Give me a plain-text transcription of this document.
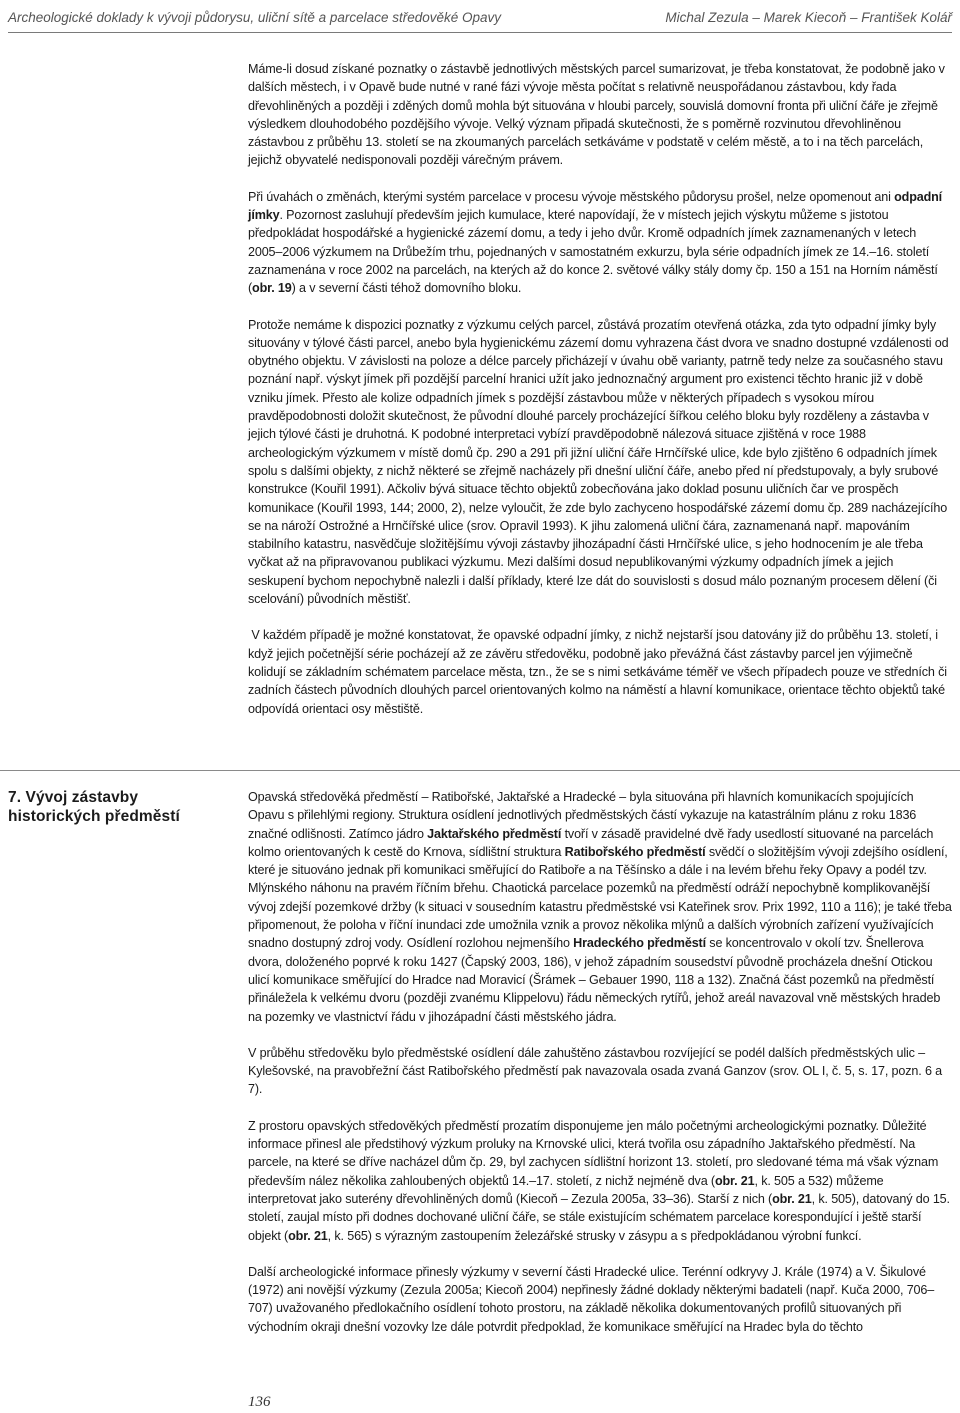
Archeologické doklady k vývoji půdorysu, uliční sítě a parcelace středověké Opavy	Michal Zezula – Marek Kiecoň – František Kolář

Máme-li dosud získané poznatky o zástavbě jednotlivých městských parcel sumarizovat, je třeba konstatovat, že podobně jako v dalších městech, i v Opavě bude nutné v rané fázi vývoje města počítat s relativně neuspořádanou zástavbou, kdy řada dřevohliněných a později i zděných domů mohla být situována v hloubi parcely, souvislá domovní fronta při uliční čáře je zřejmě výsledkem dlouhodobého pozdějšího vývoje. Velký význam připadá skutečnosti, že s poměrně rozvinutou dřevohliněnou zástavbou z průběhu 13. století se na zkoumaných parcelách setkáváme v podstatě v celém městě, a to i na těch parcelách, jejichž obyvatelé nedisponovali později várečným právem.

Při úvahách o změnách, kterými systém parcelace v procesu vývoje městského půdorysu prošel, nelze opomenout ani odpadní jímky. Pozornost zasluhují především jejich kumulace, které napovídají, že v místech jejich výskytu můžeme s jistotou předpokládat hospodářské a hygienické zázemí domu, a tedy i jeho dvůr. Kromě odpadních jímek zaznamenaných v letech 2005–2006 výzkumem na Drůbežím trhu, pojednaných v samostatném exkurzu, byla série odpadních jímek ze 14.–16. století zaznamenána v roce 2002 na parcelách, na kterých až do konce 2. světové války stály domy čp. 150 a 151 na Horním náměstí (obr. 19) a v severní části téhož domovního bloku.

Protože nemáme k dispozici poznatky z výzkumu celých parcel, zůstává prozatím otevřená otázka, zda tyto odpadní jímky byly situovány v týlové části parcel, anebo byla hygienickému zázemí domu vyhrazena část dvora ve snadno dostupné vzdálenosti od obytného objektu. V závislosti na poloze a délce parcely přicházejí v úvahu obě varianty, patrně tedy nelze za současného stavu poznání např. výskyt jímek při pozdější parcelní hranici užít jako jednoznačný argument pro existenci těchto hranic již v době vzniku jímek. Přesto ale kolize odpadních jímek s pozdější zástavbou může v některých případech s vysokou mírou pravděpodobnosti doložit skutečnost, že původní dlouhé parcely procházející šířkou celého bloku byly rozděleny a zástavba v jejich týlové části je druhotná. K podobné interpretaci vybízí pravděpodobně nálezová situace zjištěná v roce 1988 archeologickým výzkumem v místě domů čp. 290 a 291 při jižní uliční čáře Hrnčířské ulice, kde bylo zjištěno 6 odpadních jímek spolu s dalšími objekty, z nichž některé se zřejmě nacházely při dnešní uliční čáře, anebo před ní předstupovaly, a byly srubové konstrukce (Kouřil 1991). Ačkoliv bývá situace těchto objektů zobecňována jako doklad posunu uličních čar ve prospěch komunikace (Kouřil 1993, 144; 2000, 2), nelze vyloučit, že zde bylo zachyceno hospodářské zázemí domu čp. 289 nacházejícího se na nároží Ostrožné a Hrnčířské ulice (srov. Opravil 1993). K jihu zalomená uliční čára, zaznamenaná např. mapováním stabilního katastru, nasvědčuje složitějšímu vývoji zástavby jihozápadní části Hrnčířské ulice, s jeho hodnocením je ale třeba vyčkat až na připravovanou publikaci výzkumu. Mezi dalšími dosud nepublikovanými výzkumy odpadních jímek a jejich seskupení bychom nepochybně nalezli i další příklady, které lze dát do souvislosti s dosud málo poznaným procesem dělení (či scelování) původních městišť.

V každém případě je možné konstatovat, že opavské odpadní jímky, z nichž nejstarší jsou datovány již do průběhu 13. století, i když jejich početnější série pocházejí až ze závěru středověku, podobně jako převážná část zástavby parcel jen výjimečně kolidují se základním schématem parcelace města, tzn., že se s nimi setkáváme téměř ve všech případech pouze ve středních či zadních částech původních dlouhých parcel orientovaných kolmo na náměstí a hlavní komunikace, orientace těchto objektů také odpovídá orientaci osy městiště.

7. Vývoj zástavby historických předměstí

Opavská středověká předměstí – Ratibořské, Jaktařské a Hradecké – byla situována při hlavních komunikacích spojujících Opavu s přilehlými regiony. Struktura osídlení jednotlivých předměstských částí vykazuje na katastrálním plánu z roku 1836 značné odlišnosti. Zatímco jádro Jaktařského předměstí tvoří v zásadě pravidelné dvě řady usedlostí situované na parcelách kolmo orientovaných k cestě do Krnova, sídlištní struktura Ratibořského předměstí svědčí o složitějším vývoji zdejšího osídlení, které je situováno jednak při komunikaci směřující do Ratiboře a na Těšínsko a dále i na levém břehu řeky Opavy a podél tzv. Mlýnského náhonu na pravém říčním břehu. Chaotická parcelace pozemků na předměstí odráží nepochybně komplikovanější vývoj zdejší pozemkové držby (k situaci v sousedním katastru předměstské vsi Kateřinek srov. Prix 1992, 110 a 116); je také třeba připomenout, že poloha v říční inundaci zde umožnila vznik a provoz několika mlýnů a dalších výrobních zařízení využívajících snadno dostupný zdroj vody. Osídlení rozlohou nejmenšího Hradeckého předměstí se koncentrovalo v okolí tzv. Šnellerova dvora, doloženého poprvé k roku 1427 (Čapský 2003, 186), v jehož západním sousedství původně procházela dnešní Otickou ulicí komunikace směřující do Hradce nad Moravicí (Šrámek – Gebauer 1990, 118 a 132). Značná část pozemků na předměstí přináležela k velkému dvoru (později zvanému Klippelovu) řádu německých rytířů, jehož areál navazoval vně městských hradeb na pozemky ve vlastnictví řádu v jihozápadní části městského jádra.

V průběhu středověku bylo předměstské osídlení dále zahuštěno zástavbou rozvíjející se podél dalších předměstských ulic – Kylešovské, na pravobřežní část Ratibořského předměstí pak navazovala osada zvaná Ganzov (srov. OL I, č. 5, s. 17, pozn. 6 a 7).

Z prostoru opavských středověkých předměstí prozatím disponujeme jen málo početnými archeologickými poznatky. Důležité informace přinesl ale předstihový výzkum proluky na Krnovské ulici, která tvořila osu západního Jaktařského předměstí. Na parcele, na které se dříve nacházel dům čp. 29, byl zachycen sídlištní horizont 13. století, pro sledované téma má však význam především nález několika zahloubených objektů 14.–17. století, z nichž nejméně dva (obr. 21, k. 505 a 532) můžeme interpretovat jako suterény dřevohliněných domů (Kiecoň – Zezula 2005a, 33–36). Starší z nich (obr. 21, k. 505), datovaný do 15. století, zaujal místo při dodnes dochované uliční čáře, se stále existujícím schématem parcelace korespondující i ještě starší objekt (obr. 21, k. 565) s výrazným zastoupením železářské strusky v zásypu a s předpokládanou výrobní funkcí.

Další archeologické informace přinesly výzkumy v severní části Hradecké ulice. Terénní odkryvy J. Krále (1974) a V. Šikulové (1972) ani novější výzkumy (Zezula 2005a; Kiecoň 2004) nepřinesly žádné doklady některými badateli (např. Kuča 2000, 706–707) uvažovaného předlokačního osídlení tohoto prostoru, na základě několika dokumentovaných profilů situovaných při východním okraji dnešní vozovky lze dále potvrdit předpoklad, že komunikace směřující na Hradec byla do těchto

136
